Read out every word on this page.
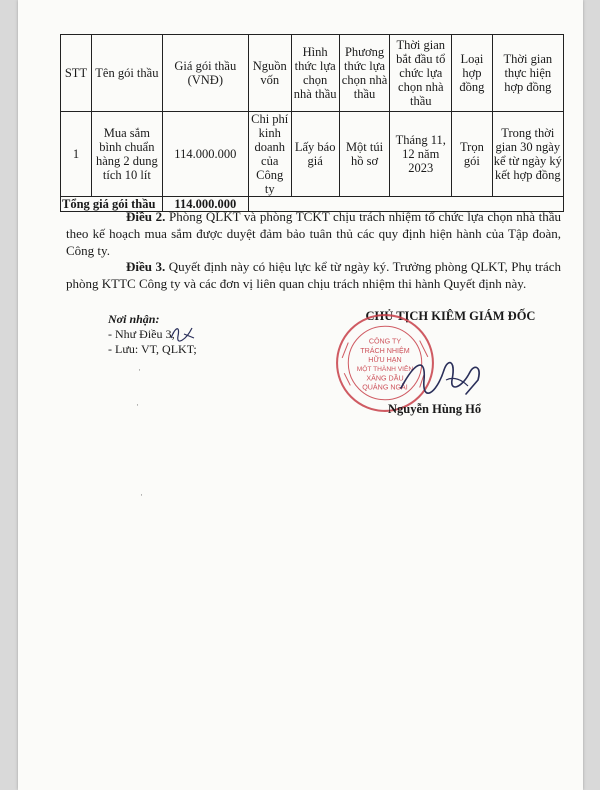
STT	Tên gói thầu	Giá gói thầu (VNĐ)	Nguồn vốn	Hình thức lựa chọn nhà thầu	Phương thức lựa chọn nhà thầu	Thời gian bắt đầu tổ chức lựa chọn nhà thầu	Loại hợp đồng	Thời gian thực hiện hợp đồng
1	Mua sắm bình chuẩn hàng 2 dung tích 10 lít	114.000.000	Chi phí kinh doanh của Công ty	Lấy báo giá	Một túi hồ sơ	Tháng 11, 12 năm 2023	Trọn gói	Trong thời gian 30 ngày kể từ ngày ký kết hợp đồng
Tổng giá gói thầu		114.000.000						
Điều 2. Phòng QLKT và phòng TCKT chịu trách nhiệm tổ chức lựa chọn nhà thầu theo kế hoạch mua sắm được duyệt đảm bảo tuân thủ các quy định hiện hành của Tập đoàn, Công ty.
Điều 3. Quyết định này có hiệu lực kể từ ngày ký. Trưởng phòng QLKT, Phụ trách phòng KTTC Công ty và các đơn vị liên quan chịu trách nhiệm thi hành Quyết định này.
Nơi nhận:
- Như Điều 3;
- Lưu: VT, QLKT;
CHỦ TỊCH KIÊM GIÁM ĐỐC
CÔNG TY
TRÁCH NHIỆM
HỮU HẠN
MỘT THÀNH VIÊN
XĂNG DẦU
QUẢNG NGÃI
Nguyễn Hùng Hổ
·
·
·
